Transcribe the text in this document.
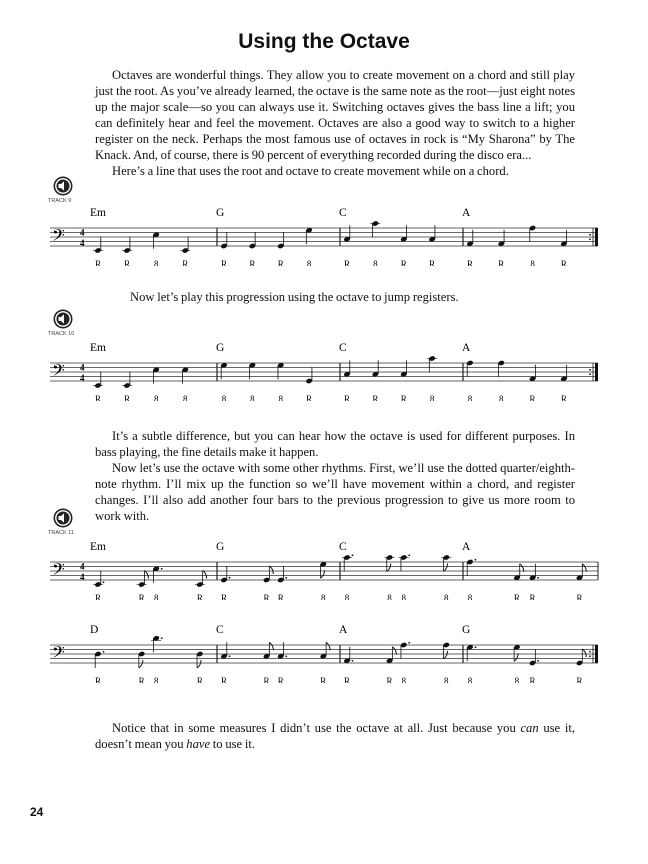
Using the Octave

Octaves are wonderful things. They allow you to create movement on a chord and still play just the root. As you’ve already learned, the octave is the same note as the root—just eight notes up the major scale—so you can always use it. Switching octaves gives the bass line a lift; you can definitely hear and feel the movement. Octaves are also a good way to switch to a higher register on the neck. Perhaps the most famous use of octaves in rock is “My Sharona” by The Knack. And, of course, there is 90 percent of everything recorded during the disco era...

Here’s a line that uses the root and octave to create movement while on a chord.

TRACK 9
𝄢 4
4
Em
R	R	8	R
G
R R R	8
C
R	8	R R
A
R	R	8	R

Now let’s play this progression using the octave to jump registers.

TRACK 10
𝄢 4
4
Em
R	R	8	8
G
8	8	8	R
C
R R R	8
A
8	8	R	R

It’s a subtle difference, but you can hear how the octave is used for different purposes. In bass playing, the fine details make it happen.

Now let’s use the octave with some other rhythms. First, we’ll use the dotted quarter/eighth-note rhythm. I’ll mix up the function so we’ll have movement within a chord, and register changes. I’ll also add another four bars to the previous progression to give us more room to work with.

TRACK 11
𝄢 4
4
Em
R	R 8	R
G
R	R R	8
C
8	8 8	8
A
8	R R	R
𝄢
D
R	R 8	R
C
R	R R	R
A
R	R 8	8
G
8	8 R	R

Notice that in some measures I didn’t use the octave at all. Just because you can use it, doesn’t mean you have to use it.

24
